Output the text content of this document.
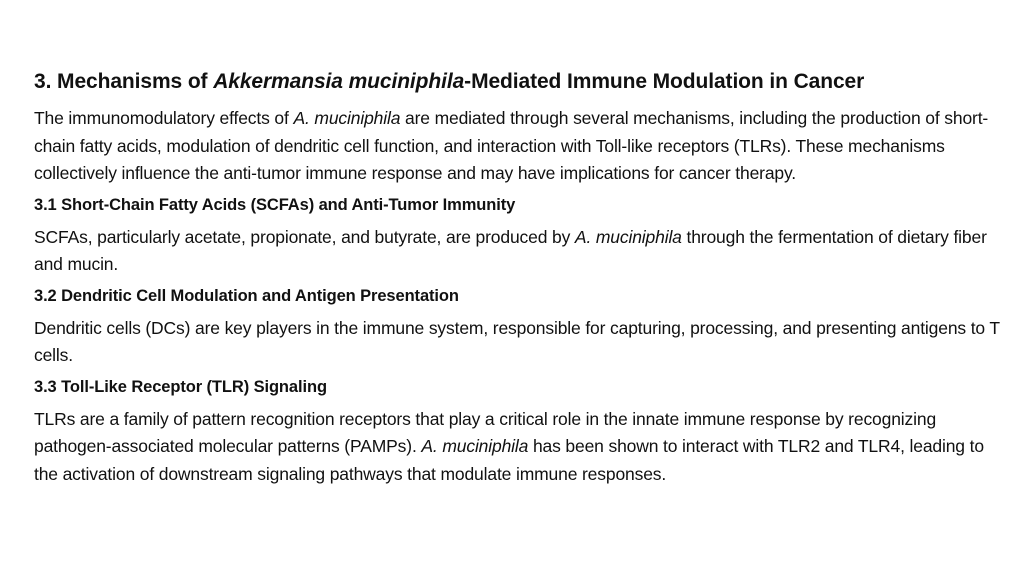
3. Mechanisms of Akkermansia muciniphila-Mediated Immune Modulation in Cancer

The immunomodulatory effects of A. muciniphila are mediated through several mechanisms, including the production of short-chain fatty acids, modulation of dendritic cell function, and interaction with Toll-like receptors (TLRs). These mechanisms collectively influence the anti-tumor immune response and may have implications for cancer therapy.

3.1 Short-Chain Fatty Acids (SCFAs) and Anti-Tumor Immunity

SCFAs, particularly acetate, propionate, and butyrate, are produced by A. muciniphila through the fermentation of dietary fiber and mucin.

3.2 Dendritic Cell Modulation and Antigen Presentation

Dendritic cells (DCs) are key players in the immune system, responsible for capturing, processing, and presenting antigens to T cells.

3.3 Toll-Like Receptor (TLR) Signaling

TLRs are a family of pattern recognition receptors that play a critical role in the innate immune response by recognizing pathogen-associated molecular patterns (PAMPs). A. muciniphila has been shown to interact with TLR2 and TLR4, leading to the activation of downstream signaling pathways that modulate immune responses.
